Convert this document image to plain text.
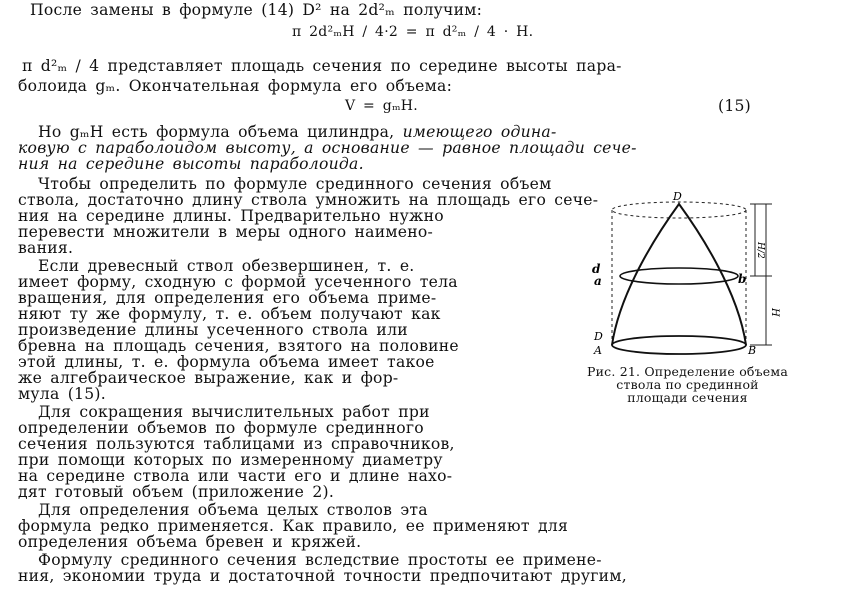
После замены в формуле (14) D² на 2d²ₘ получим:
π 2d²ₘH / 4·2 = π d²ₘ / 4 · H.
π d²ₘ / 4 представляет площадь сечения по середине высоты пара-
болоида gₘ. Окончательная формула его объема:
V = gₘH.	(15)
Но gₘH есть формула объема цилиндра, имеющего одина-
ковую с параболоидом высоту, а основание — равное площади сече-
ния на середине высоты параболоида.
Чтобы определить по формуле срединного сечения объем
ствола, достаточно длину ствола умножить на площадь его сече-
ния на середине длины. Предварительно нужно
перевести множители в меры одного наимено-
вания.
Если древесный ствол обезвершинен, т. е.
имеет форму, сходную с формой усеченного тела
вращения, для определения его объема приме-
няют ту же формулу, т. е. объем получают как
произведение длины усеченного ствола или
бревна на площадь сечения, взятого на половине
этой длины, т. е. формула объема имеет такое
же алгебраическое выражение, как и фор-
мула (15).
Для сокращения вычислительных работ при
определении объемов по формуле срединного
сечения пользуются таблицами из справочников,
при помощи которых по измеренному диаметру
на середине ствола или части его и длине нахо-
дят готовый объем (приложение 2).
Для определения объема целых стволов эта
формула редко применяется. Как правило, ее применяют для
определения объема бревен и кряжей.
Формулу срединного сечения вследствие простоты ее примене-
ния, экономии труда и достаточной точности предпочитают другим,
D
d
a	b
D
A	B
H/2
H
Рис. 21. Определение объема ствола по срединной площади сечения
